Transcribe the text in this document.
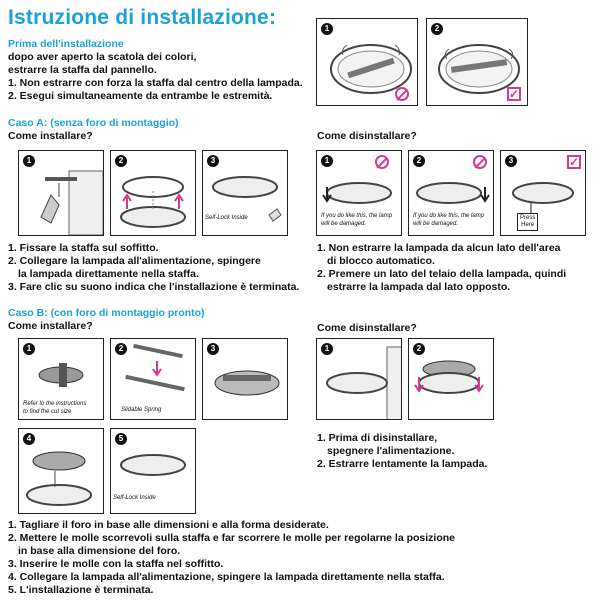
Istruzione di installazione:
Prima dell'installazione
dopo aver aperto la scatola dei colori,
estrarre la staffa dal pannello.
1. Non estrarre con forza la staffa dal centro della lampada.
2. Esegui simultaneamente da entrambe le estremità.
1	2
✓
Caso A: (senza foro di montaggio)
Come installare?	Come disinstallare?
1	2	3
Self-Lock Inside
1
If you do like this, the lamp
will be damaged.
2
If you do like this, the lamp
will be damaged.
3	✓
Press
Here
1. Fissare la staffa sul soffitto.
2. Collegare la lampada all'alimentazione, spingere
la lampada direttamente nella staffa.
3. Fare clic su suono indica che l'installazione è terminata.
1. Non estrarre la lampada da alcun lato dell'area
di blocco automatico.
2. Premere un lato del telaio della lampada, quindi
estrarre la lampada dal lato opposto.
Caso B: (con foro di montaggio pronto)
Come installare?	Come disinstallare?
1
Refer to the instructions
to find the cut size
2
Slidable Spring
3
4	5
Self-Lock Inside
1	2
1. Prima di disinstallare,
spegnere l'alimentazione.
2. Estrarre lentamente la lampada.
1. Tagliare il foro in base alle dimensioni e alla forma desiderate.
2. Mettere le molle scorrevoli sulla staffa e far scorrere le molle per regolarne la posizione
in base alla dimensione del foro.
3. Inserire le molle con la staffa nel soffitto.
4. Collegare la lampada all'alimentazione, spingere la lampada direttamente nella staffa.
5. L'installazione è terminata.
